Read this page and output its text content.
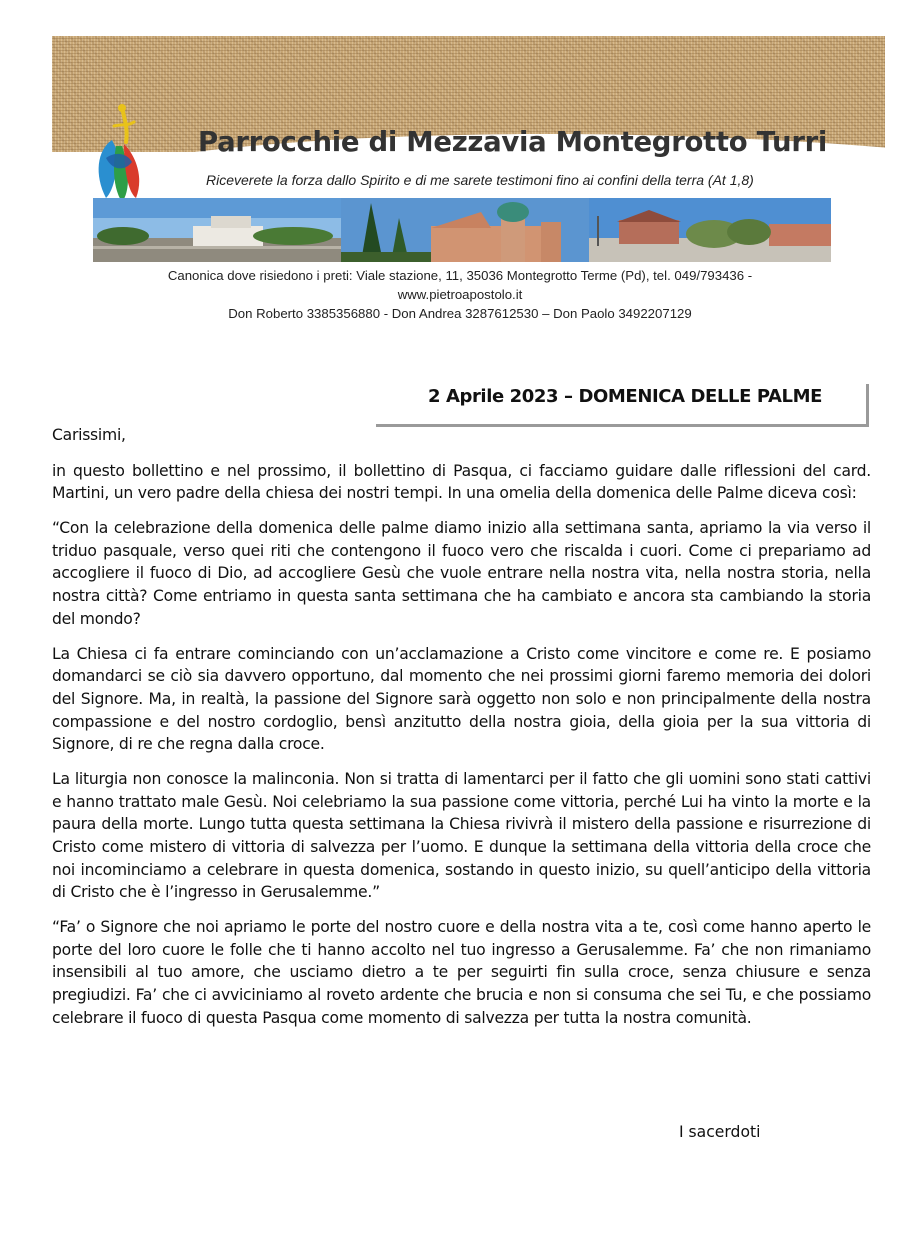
Parrocchie di Mezzavia Montegrotto Turri
Riceverete la forza dallo Spirito e di me sarete testimoni fino ai confini della terra (At 1,8)
Canonica dove risiedono i preti: Viale stazione, 11, 35036 Montegrotto Terme (Pd), tel. 049/793436 -
www.pietroapostolo.it
Don Roberto 3385356880 - Don Andrea 3287612530 – Don Paolo 3492207129
2 Aprile 2023 – DOMENICA DELLE PALME

Carissimi,

in questo bollettino e nel prossimo, il bollettino di Pasqua, ci facciamo guidare dalle riflessioni del card. Martini, un vero padre della chiesa dei nostri tempi. In una omelia della domenica delle Palme diceva così:

“Con la celebrazione della domenica delle palme diamo inizio alla settimana santa, apriamo la via verso il triduo pasquale, verso quei riti che contengono il fuoco vero che riscalda i cuori. Come ci prepariamo ad accogliere il fuoco di Dio, ad accogliere Gesù che vuole entrare nella nostra vita, nella nostra storia, nella nostra città? Come entriamo in questa santa settimana che ha cambiato e ancora sta cambiando la storia del mondo?

La Chiesa ci fa entrare cominciando con un’acclamazione a Cristo come vincitore e come re. E posiamo domandarci se ciò sia davvero opportuno, dal momento che nei prossimi giorni faremo memoria dei dolori del Signore. Ma, in realtà, la passione del Signore sarà oggetto non solo e non principalmente della nostra compassione e del nostro cordoglio, bensì anzitutto della nostra gioia, della gioia per la sua vittoria di Signore, di re che regna dalla croce.

La liturgia non conosce la malinconia. Non si tratta di lamentarci per il fatto che gli uomini sono stati cattivi e hanno trattato male Gesù. Noi celebriamo la sua passione come vittoria, perché Lui ha vinto la morte e la paura della morte. Lungo tutta questa settimana la Chiesa rivivrà il mistero della passione e risurrezione di Cristo come mistero di vittoria di salvezza per l’uomo. E dunque la settimana della vittoria della croce che noi incominciamo a celebrare in questa domenica, sostando in questo inizio, su quell’anticipo della vittoria di Cristo che è l’ingresso in Gerusalemme.”

“Fa’ o Signore che noi apriamo le porte del nostro cuore e della nostra vita a te, così come hanno aperto le porte del loro cuore le folle che ti hanno accolto nel tuo ingresso a Gerusalemme. Fa’ che non rimaniamo insensibili al tuo amore, che usciamo dietro a te per seguirti fin sulla croce, senza chiusure e senza pregiudizi. Fa’ che ci avviciniamo al roveto ardente che brucia e non si consuma che sei Tu, e che possiamo celebrare il fuoco di questa Pasqua come momento di salvezza per tutta la nostra comunità.

I sacerdoti
